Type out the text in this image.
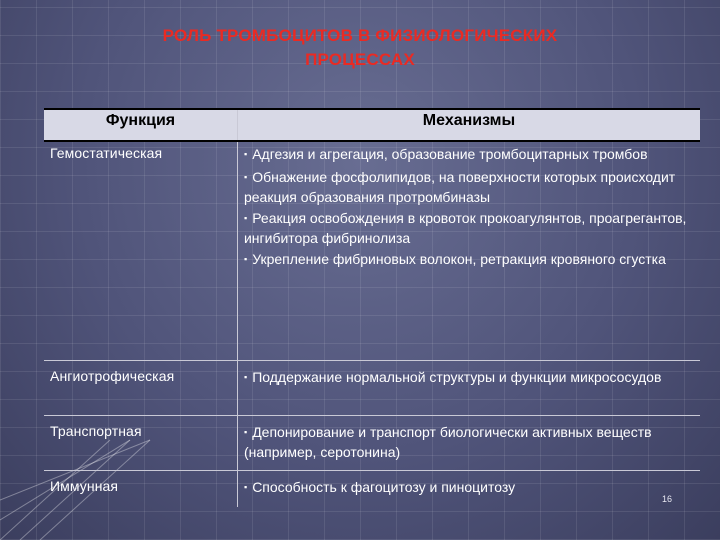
РОЛЬ ТРОМБОЦИТОВ В ФИЗИОЛОГИЧЕСКИХ
ПРОЦЕССАХ
Функция	Механизмы
Гемостатическая	▪ Адгезия и агрегация, образование тромбоцитарных тромбов
▪ Обнажение фосфолипидов, на поверхности которых происходит реакция образования протромбиназы
▪ Реакция освобождения в кровоток прокоагулянтов, проагрегантов, ингибитора фибринолиза
▪ Укрепление фибриновых волокон, ретракция кровяного сгустка

Ангиотрофическая	▪ Поддержание нормальной структуры и функции микрососудов

Транспортная	▪ Депонирование и транспорт биологически активных веществ (например, серотонина)

Иммунная	▪ Способность к фагоцитозу и пиноцитозу
16
